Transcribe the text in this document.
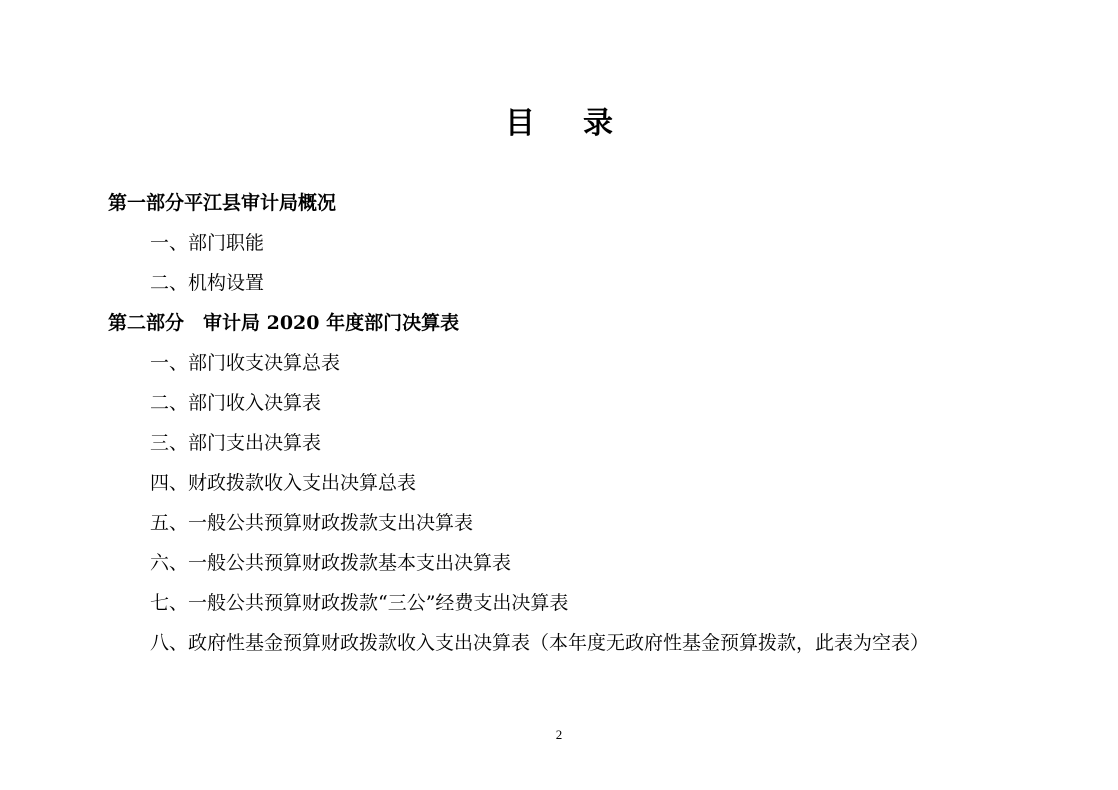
目录
第一部分平江县审计局概况
一、部门职能
二、机构设置
第二部分　审计局 2020 年度部门决算表
一、部门收支决算总表
二、部门收入决算表
三、部门支出决算表
四、财政拨款收入支出决算总表
五、一般公共预算财政拨款支出决算表
六、一般公共预算财政拨款基本支出决算表
七、一般公共预算财政拨款“三公”经费支出决算表
八、政府性基金预算财政拨款收入支出决算表（本年度无政府性基金预算拨款，此表为空表）
2
